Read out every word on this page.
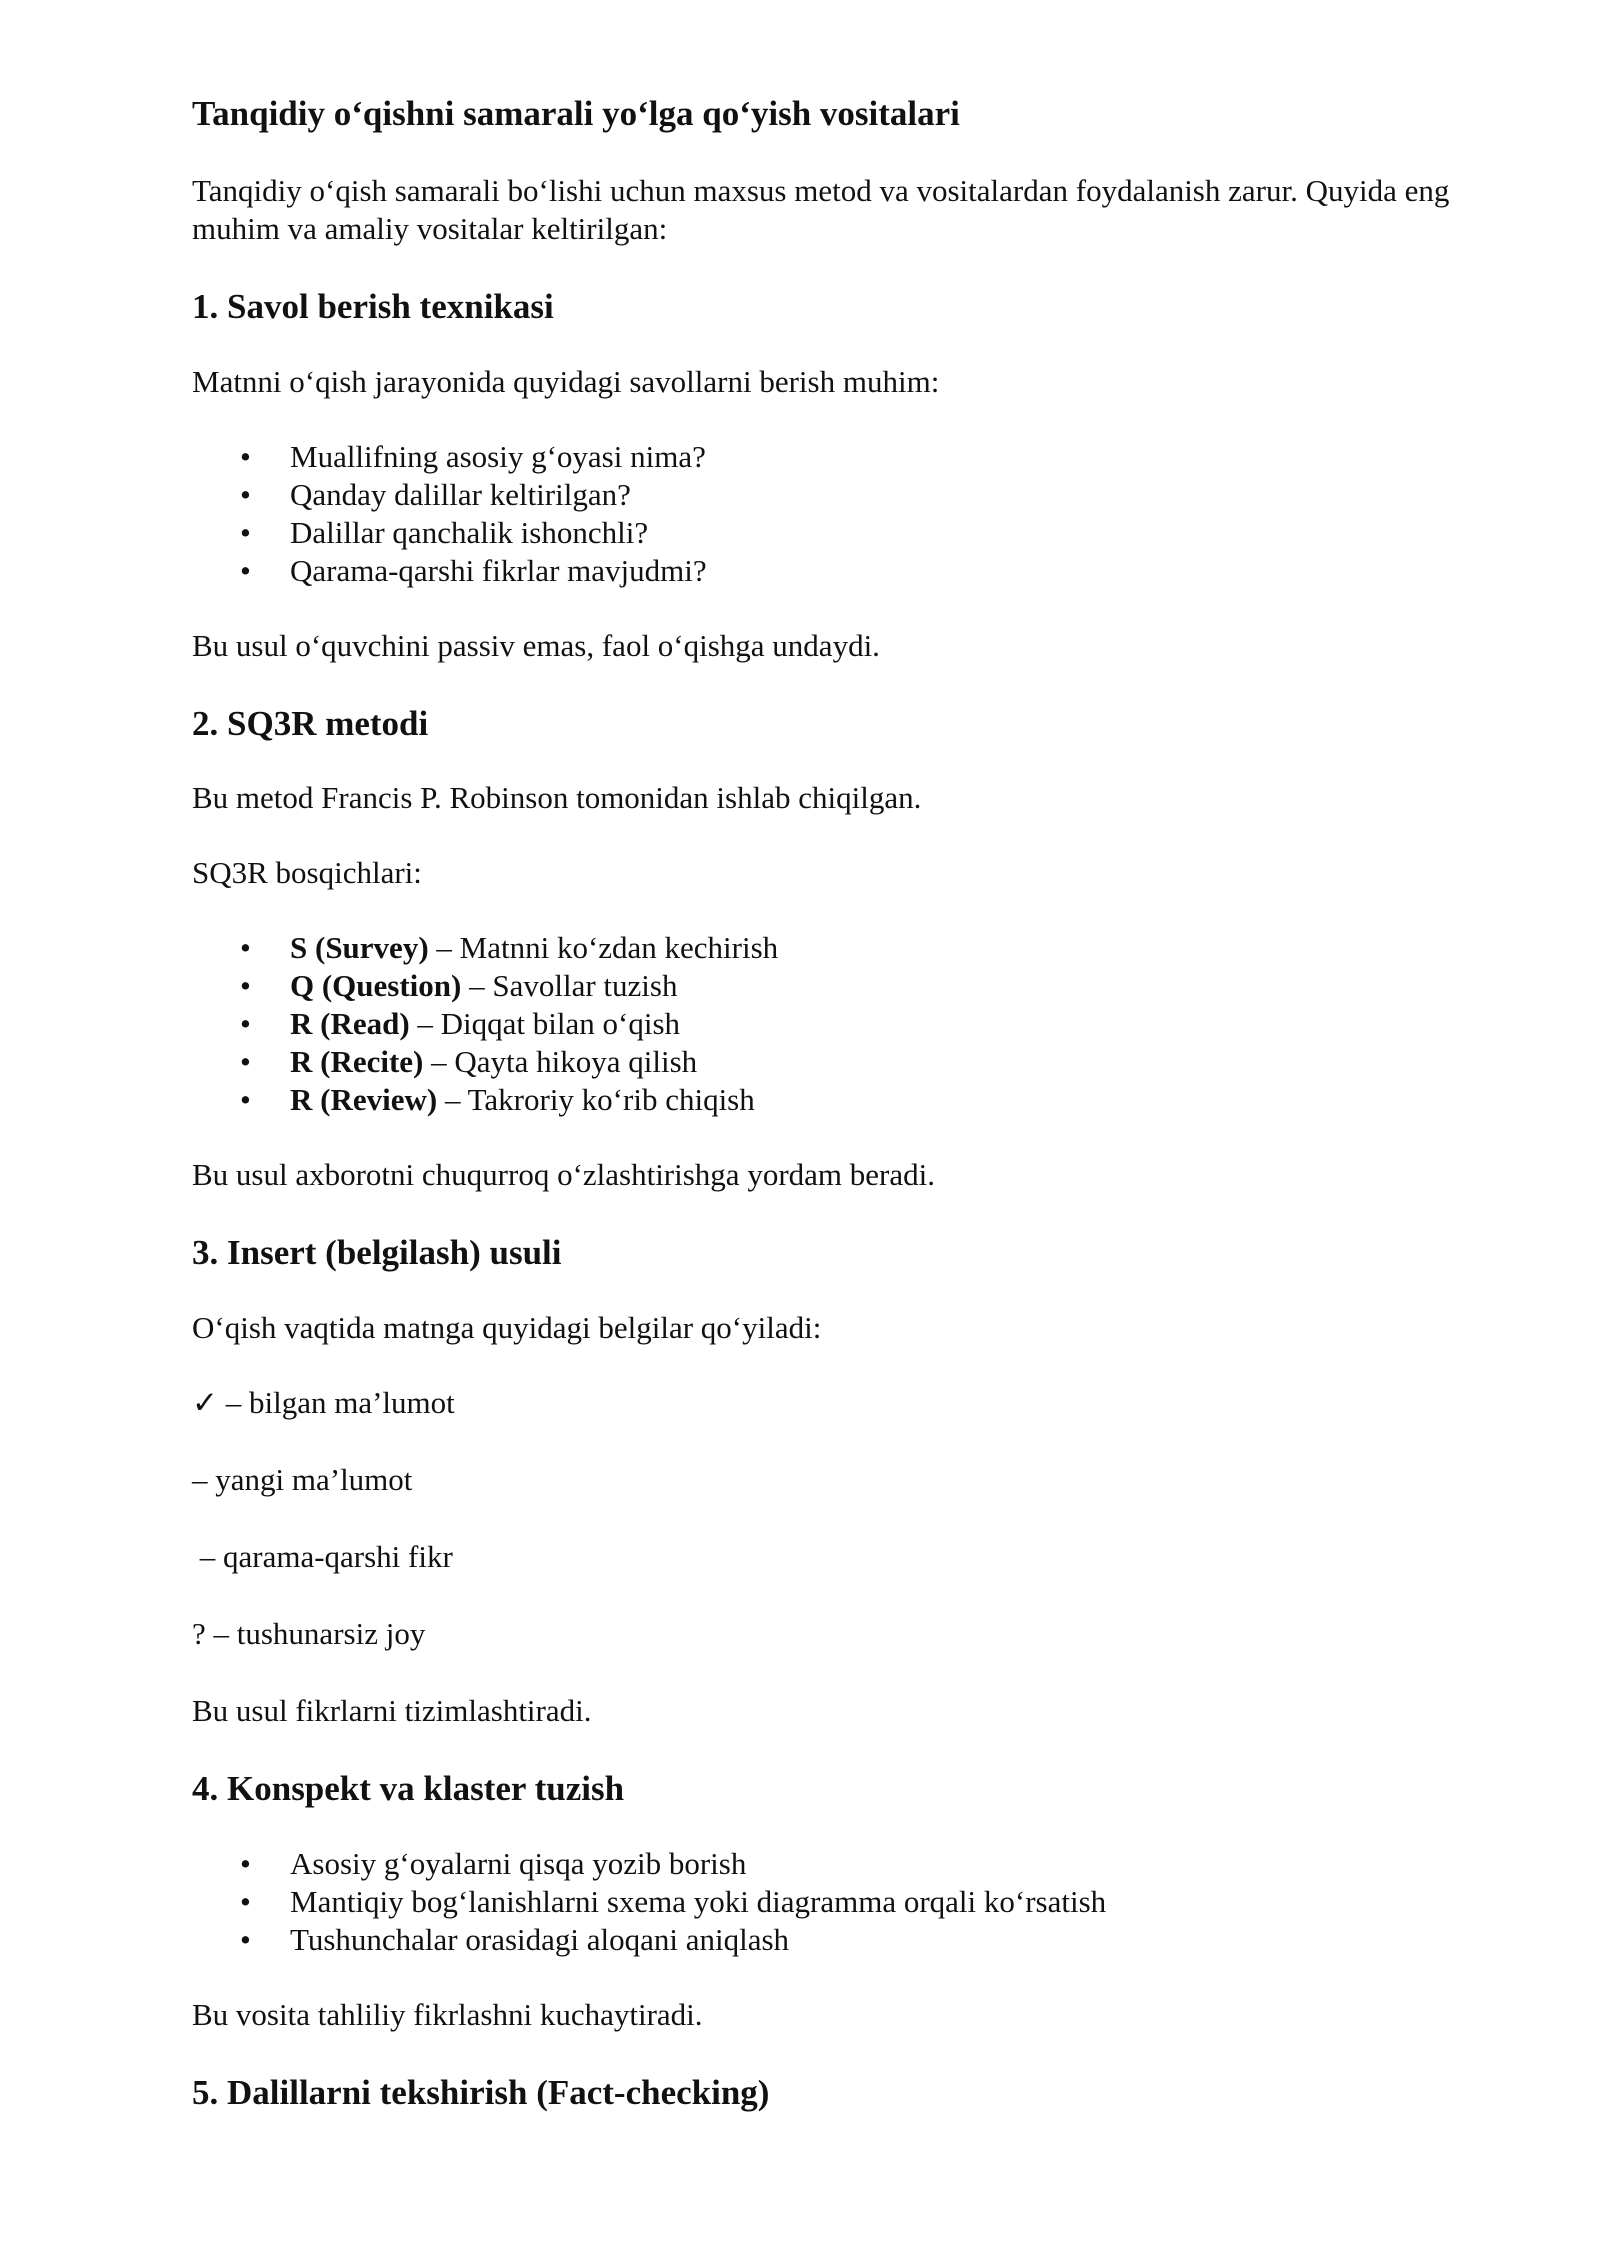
Tanqidiy o‘qishni samarali yo‘lga qo‘yish vositalari

Tanqidiy o‘qish samarali bo‘lishi uchun maxsus metod va vositalardan foydalanish zarur. Quyida eng muhim va amaliy vositalar keltirilgan:

1. Savol berish texnikasi

Matnni o‘qish jarayonida quyidagi savollarni berish muhim:

• Muallifning asosiy g‘oyasi nima?
• Qanday dalillar keltirilgan?
• Dalillar qanchalik ishonchli?
• Qarama-qarshi fikrlar mavjudmi?

Bu usul o‘quvchini passiv emas, faol o‘qishga undaydi.

2. SQ3R metodi

Bu metod Francis P. Robinson tomonidan ishlab chiqilgan.

SQ3R bosqichlari:

• S (Survey) – Matnni ko‘zdan kechirish
• Q (Question) – Savollar tuzish
• R (Read) – Diqqat bilan o‘qish
• R (Recite) – Qayta hikoya qilish
• R (Review) – Takroriy ko‘rib chiqish

Bu usul axborotni chuqurroq o‘zlashtirishga yordam beradi.

3. Insert (belgilash) usuli

O‘qish vaqtida matnga quyidagi belgilar qo‘yiladi:

✓ – bilgan ma’lumot
– yangi ma’lumot
– qarama-qarshi fikr
? – tushunarsiz joy

Bu usul fikrlarni tizimlashtiradi.

4. Konspekt va klaster tuzish
• Asosiy g‘oyalarni qisqa yozib borish
• Mantiqiy bog‘lanishlarni sxema yoki diagramma orqali ko‘rsatish
• Tushunchalar orasidagi aloqani aniqlash

Bu vosita tahliliy fikrlashni kuchaytiradi.

5. Dalillarni tekshirish (Fact-checking)
